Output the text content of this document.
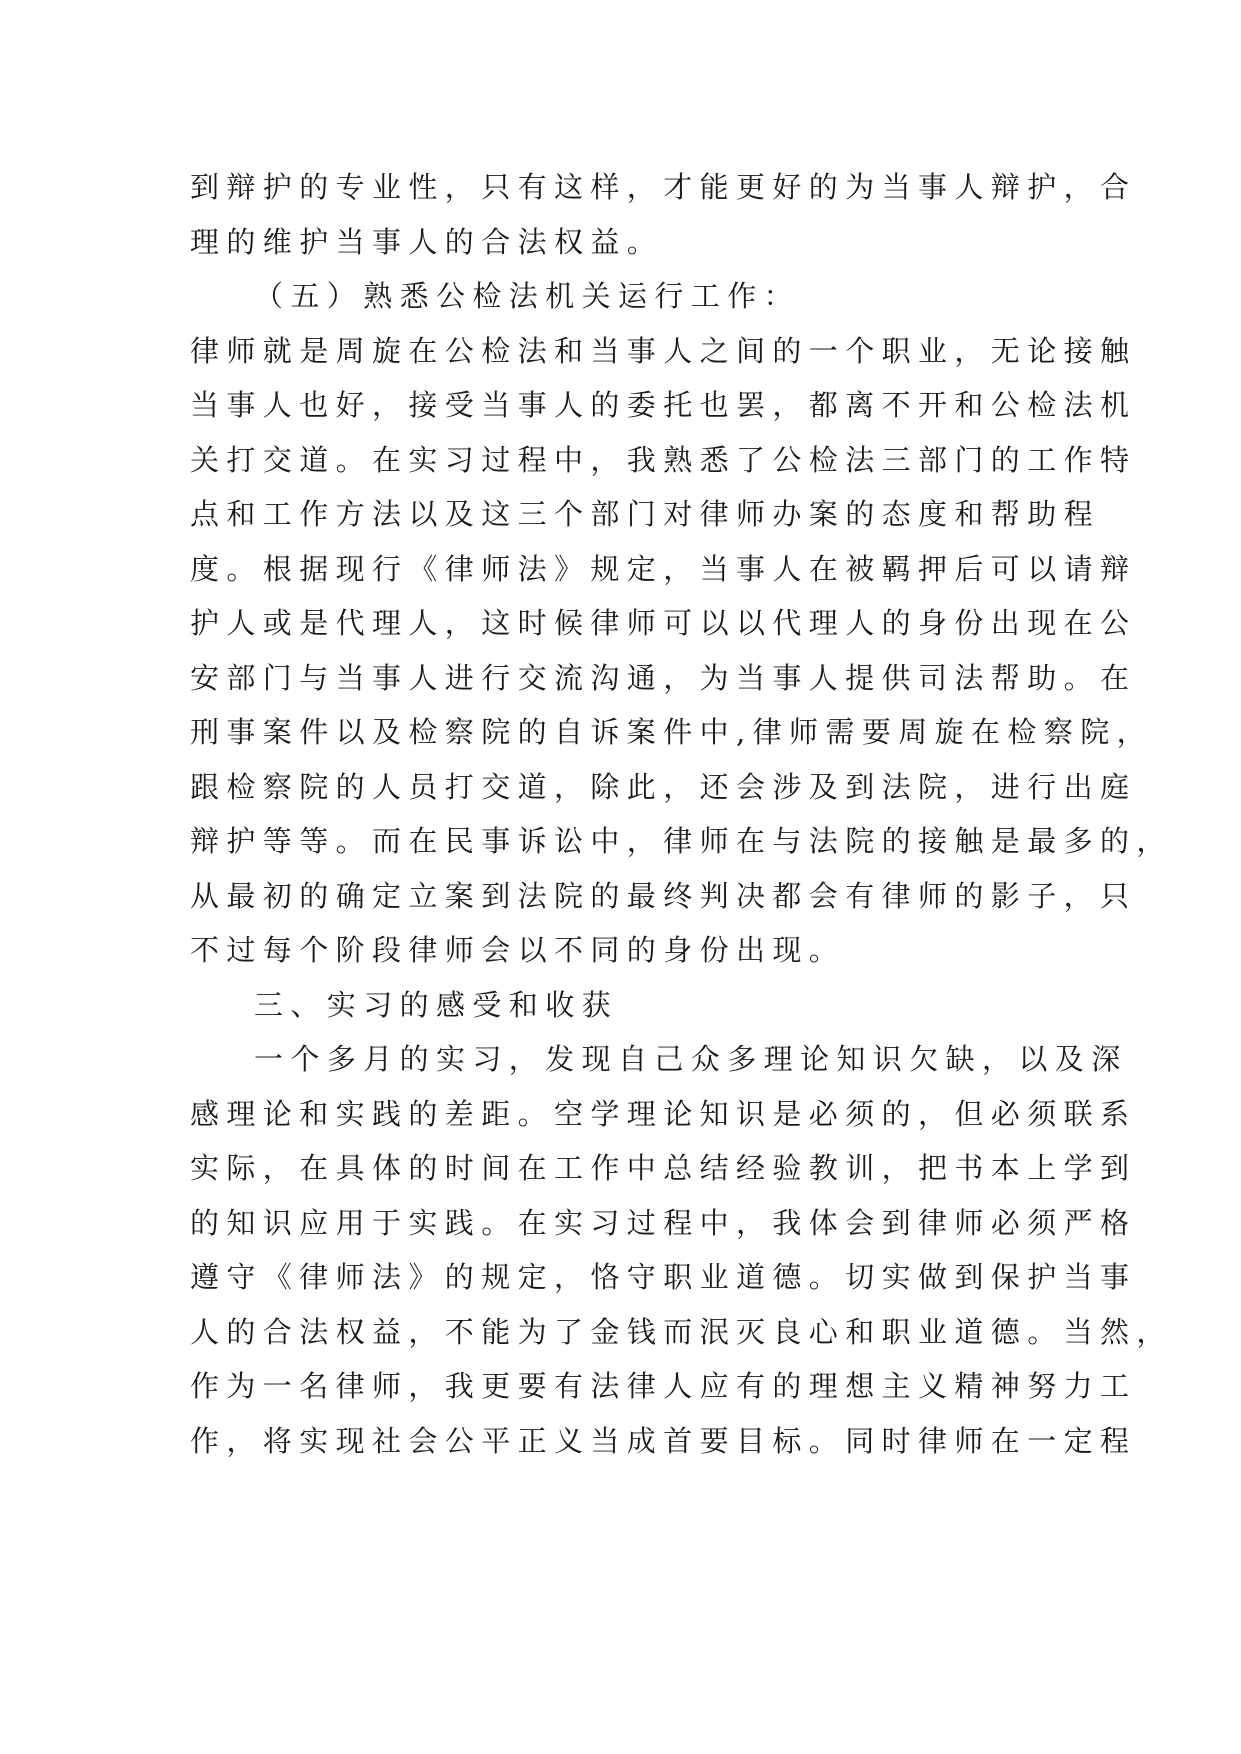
到辩护的专业性，只有这样，才能更好的为当事人辩护，合
理的维护当事人的合法权益。
（五）熟悉公检法机关运行工作：
律师就是周旋在公检法和当事人之间的一个职业，无论接触
当事人也好，接受当事人的委托也罢，都离不开和公检法机
关打交道。在实习过程中，我熟悉了公检法三部门的工作特
点和工作方法以及这三个部门对律师办案的态度和帮助程
度。根据现行《律师法》规定，当事人在被羁押后可以请辩
护人或是代理人，这时候律师可以以代理人的身份出现在公
安部门与当事人进行交流沟通，为当事人提供司法帮助。在
刑事案件以及检察院的自诉案件中,律师需要周旋在检察院，
跟检察院的人员打交道，除此，还会涉及到法院，进行出庭
辩护等等。而在民事诉讼中，律师在与法院的接触是最多的，
从最初的确定立案到法院的最终判决都会有律师的影子，只
不过每个阶段律师会以不同的身份出现。
三、实习的感受和收获
一个多月的实习，发现自己众多理论知识欠缺，以及深
感理论和实践的差距。空学理论知识是必须的，但必须联系
实际，在具体的时间在工作中总结经验教训，把书本上学到
的知识应用于实践。在实习过程中，我体会到律师必须严格
遵守《律师法》的规定，恪守职业道德。切实做到保护当事
人的合法权益，不能为了金钱而泯灭良心和职业道德。当然，
作为一名律师，我更要有法律人应有的理想主义精神努力工
作，将实现社会公平正义当成首要目标。同时律师在一定程
